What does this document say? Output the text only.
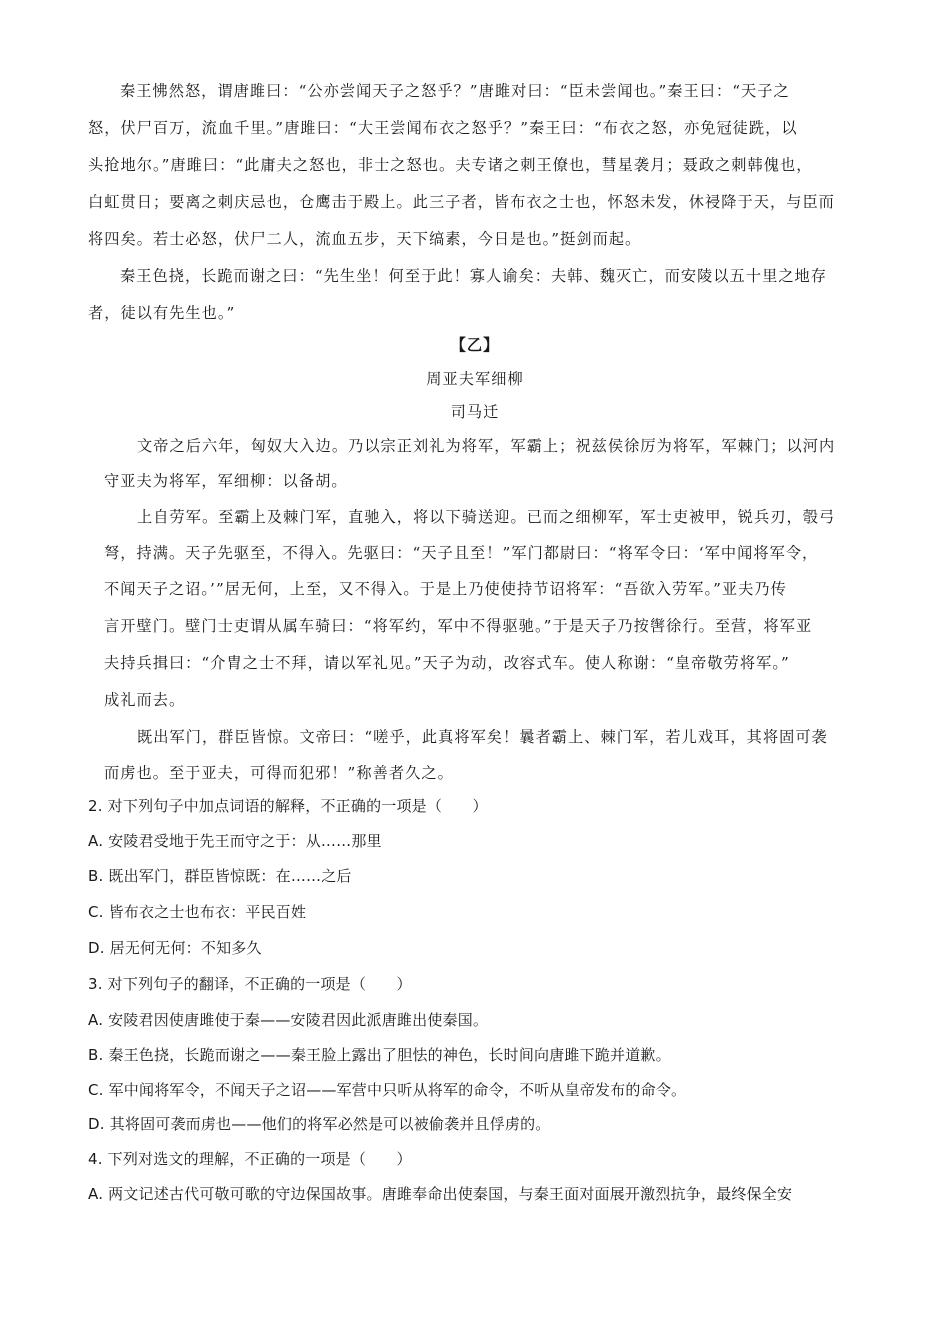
秦王怫然怒，谓唐雎曰：“公亦尝闻天子之怒乎？”唐雎对曰：“臣未尝闻也。”秦王曰：“天子之
怒，伏尸百万，流血千里。”唐雎曰：“大王尝闻布衣之怒乎？”秦王曰：“布衣之怒，亦免冠徒跣，以
头抢地尔。”唐雎曰：“此庸夫之怒也，非士之怒也。夫专诸之刺王僚也，彗星袭月；聂政之刺韩傀也，
白虹贯日；要离之刺庆忌也，仓鹰击于殿上。此三子者，皆布衣之士也，怀怒未发，休祲降于天，与臣而
将四矣。若士必怒，伏尸二人，流血五步，天下缟素，今日是也。”挺剑而起。
秦王色挠，长跪而谢之曰：“先生坐！何至于此！寡人谕矣：夫韩、魏灭亡，而安陵以五十里之地存
者，徒以有先生也。”
【乙】
周亚夫军细柳
司马迁
文帝之后六年，匈奴大入边。乃以宗正刘礼为将军，军霸上；祝兹侯徐厉为将军，军棘门；以河内
守亚夫为将军，军细柳：以备胡。
上自劳军。至霸上及棘门军，直驰入，将以下骑送迎。已而之细柳军，军士吏被甲，锐兵刃，彀弓
弩，持满。天子先驱至，不得入。先驱曰：“天子且至！”军门都尉曰：“将军令曰：‘军中闻将军令，
不闻天子之诏。’”居无何，上至，又不得入。于是上乃使使持节诏将军：“吾欲入劳军。”亚夫乃传
言开壁门。壁门士吏谓从属车骑曰：“将军约，军中不得驱驰。”于是天子乃按辔徐行。至营，将军亚
夫持兵揖曰：“介胄之士不拜，请以军礼见。”天子为动，改容式车。使人称谢：“皇帝敬劳将军。”
成礼而去。
既出军门，群臣皆惊。文帝曰：“嗟乎，此真将军矣！曩者霸上、棘门军，若儿戏耳，其将固可袭
而虏也。至于亚夫，可得而犯邪！”称善者久之。
2. 对下列句子中加点词语的解释，不正确的一项是（　　）
A. 安陵君受地于先王而守之于：从……那里
B. 既出军门，群臣皆惊既：在……之后
C. 皆布衣之士也布衣：平民百姓
D. 居无何无何：不知多久
3. 对下列句子的翻译，不正确的一项是（　　）
A. 安陵君因使唐雎使于秦——安陵君因此派唐雎出使秦国。
B. 秦王色挠，长跪而谢之——秦王脸上露出了胆怯的神色，长时间向唐雎下跪并道歉。
C. 军中闻将军令，不闻天子之诏——军营中只听从将军的命令，不听从皇帝发布的命令。
D. 其将固可袭而虏也——他们的将军必然是可以被偷袭并且俘虏的。
4. 下列对选文的理解，不正确的一项是（　　）
A. 两文记述古代可敬可歌的守边保国故事。唐雎奉命出使秦国，与秦王面对面展开激烈抗争，最终保全安
